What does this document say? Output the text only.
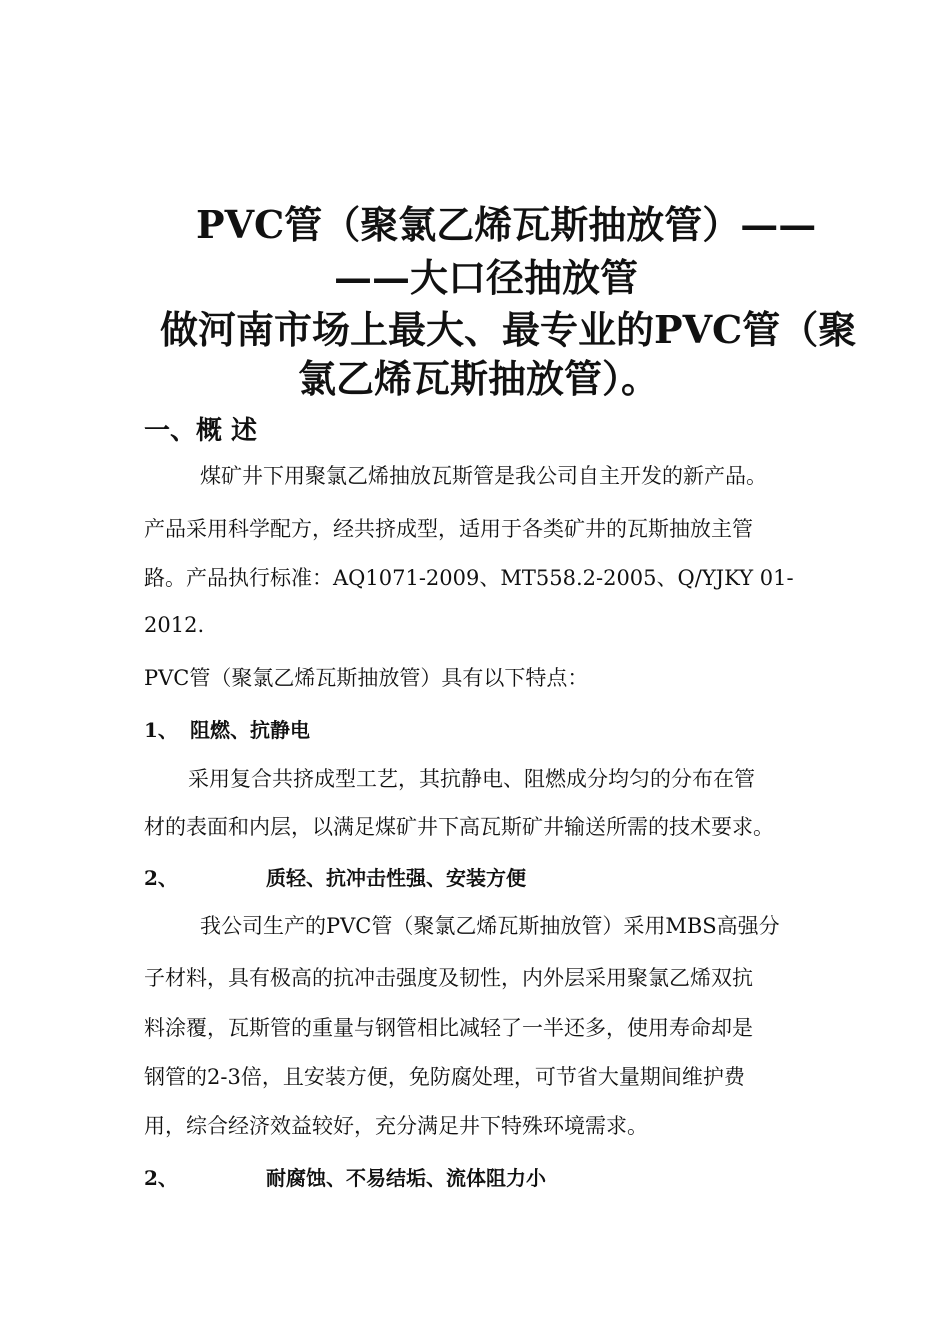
PVC管（聚氯乙烯瓦斯抽放管）——
——大口径抽放管
做河南市场上最大、最专业的PVC管（聚
氯乙烯瓦斯抽放管）。
一、概 述
煤矿井下用聚氯乙烯抽放瓦斯管是我公司自主开发的新产品。
产品采用科学配方，经共挤成型，适用于各类矿井的瓦斯抽放主管
路。产品执行标准：AQ1071-2009、MT558.2-2005、Q/YJKY 01-
2012.
PVC管（聚氯乙烯瓦斯抽放管）具有以下特点：
1、 阻燃、抗静电
采用复合共挤成型工艺，其抗静电、阻燃成分均匀的分布在管
材的表面和内层，以满足煤矿井下高瓦斯矿井输送所需的技术要求。
2、	质轻、抗冲击性强、安装方便
我公司生产的PVC管（聚氯乙烯瓦斯抽放管）采用MBS高强分
子材料，具有极高的抗冲击强度及韧性，内外层采用聚氯乙烯双抗
料涂覆，瓦斯管的重量与钢管相比减轻了一半还多，使用寿命却是
钢管的2-3倍，且安装方便，免防腐处理，可节省大量期间维护费
用，综合经济效益较好，充分满足井下特殊环境需求。
2、	耐腐蚀、不易结垢、流体阻力小
